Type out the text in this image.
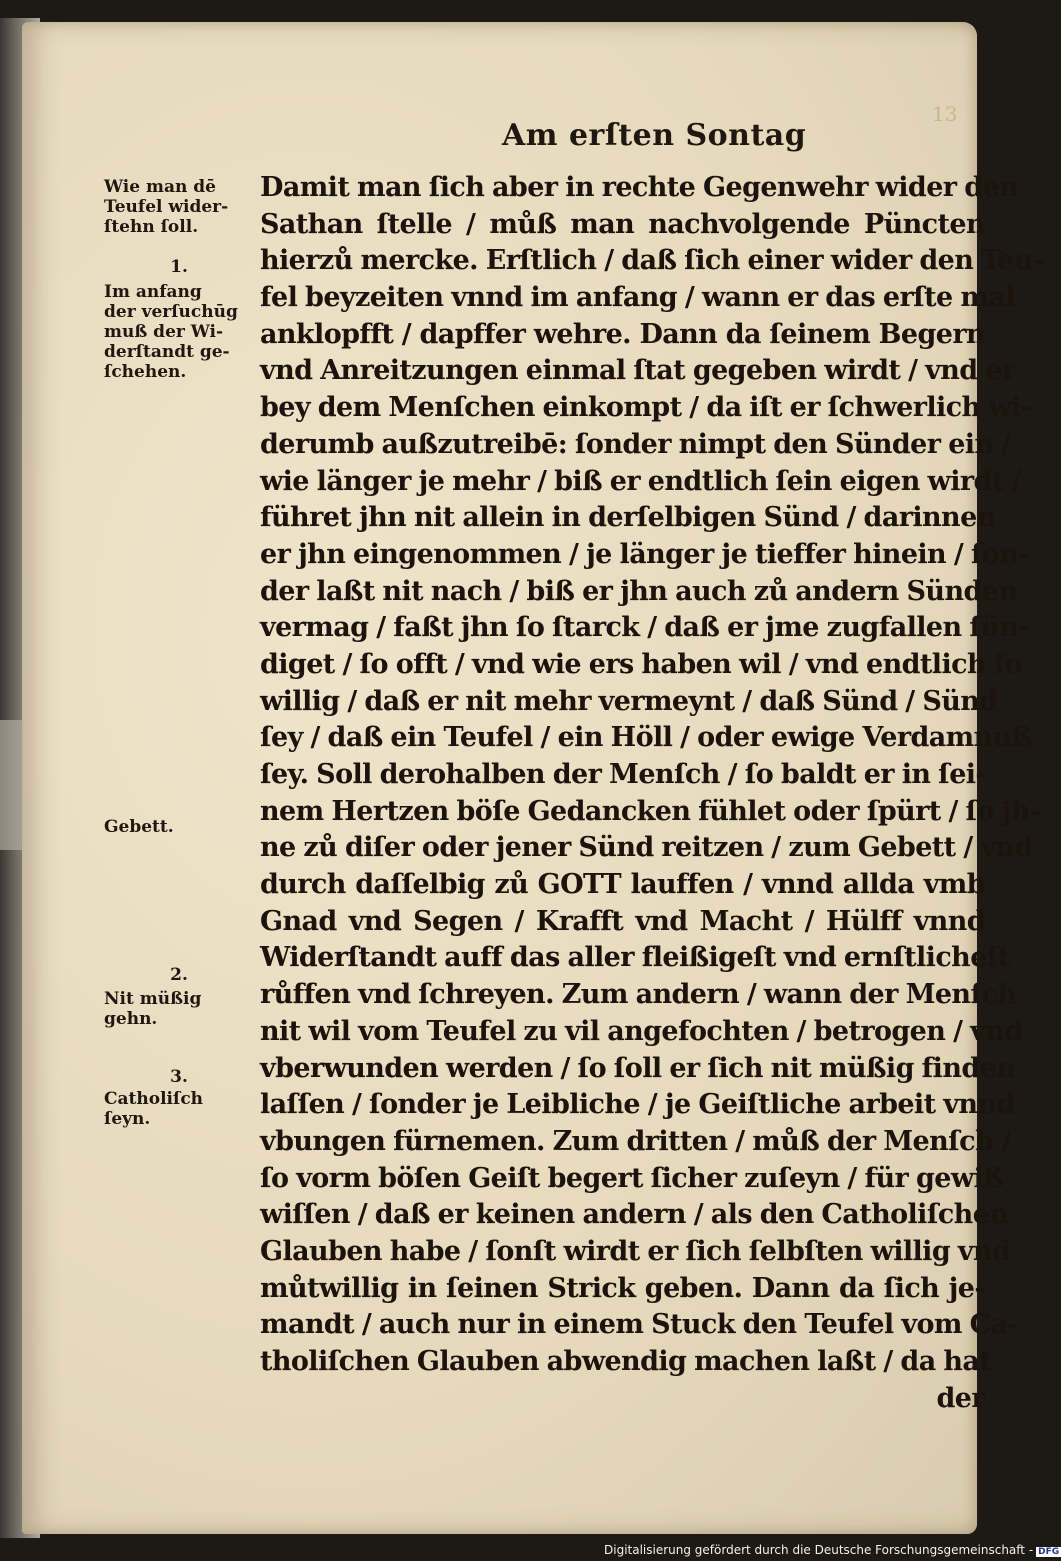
13
Am erſten Sontag
Wie man dē
Teufel wider-
ſtehn ſoll.
1.
Im anfang
der verſuchūg
muß der Wi-
derſtandt ge-
ſchehen.
Gebett.
2.
Nit müßig
gehn.
3.
Catholiſch
ſeyn.
Damit man ſich aber in rechte Gegenwehr wider den
Sathan ſtelle / můß man nachvolgende Püncten
hierzů mercke. Erſtlich / daß ſich einer wider den Teu-
fel beyzeiten vnnd im anfang / wann er das erſte mal
anklopfft / dapffer wehre. Dann da ſeinem Begern
vnd Anreitzungen einmal ſtat gegeben wirdt / vnd er
bey dem Menſchen einkompt / da iſt er ſchwerlich wi-
derumb außzutreibē: ſonder nimpt den Sünder ein /
wie länger je mehr / biß er endtlich ſein eigen wirdt /
führet jhn nit allein in derſelbigen Sünd / darinnen
er jhn eingenommen / je länger je tieffer hinein / ſon-
der laßt nit nach / biß er jhn auch zů andern Sünden
vermag / faßt jhn ſo ſtarck / daß er jme zugfallen ſün-
diget / ſo offt / vnd wie ers haben wil / vnd endtlich ſo
willig / daß er nit mehr vermeynt / daß Sünd / Sünd
ſey / daß ein Teufel / ein Höll / oder ewige Verdamnuß
ſey. Soll derohalben der Menſch / ſo baldt er in ſei-
nem Hertzen böſe Gedancken fühlet oder ſpürt / ſo jh-
ne zů diſer oder jener Sünd reitzen / zum Gebett / vnd
durch daſſelbig zů GOTT lauffen / vnnd allda vmb
Gnad vnd Segen / Krafft vnd Macht / Hülff vnnd
Widerſtandt auff das aller fleißigeſt vnd ernſtlicheſt
růffen vnd ſchreyen. Zum andern / wann der Menſch
nit wil vom Teufel zu vil angefochten / betrogen / vnd
vberwunden werden / ſo ſoll er ſich nit müßig finden
laſſen / ſonder je Leibliche / je Geiſtliche arbeit vnnd
vbungen fürnemen. Zum dritten / můß der Menſch /
ſo vorm böſen Geiſt begert ſicher zuſeyn / für gewiß
wiſſen / daß er keinen andern / als den Catholiſchen
Glauben habe / ſonſt wirdt er ſich ſelbſten willig vnd
můtwillig in ſeinen Strick geben. Dann da ſich je-
mandt / auch nur in einem Stuck den Teufel vom Ca-
tholiſchen Glauben abwendig machen laßt / da hat
der
Digitalisierung gefördert durch die Deutsche Forschungsgemeinschaft - DFG
